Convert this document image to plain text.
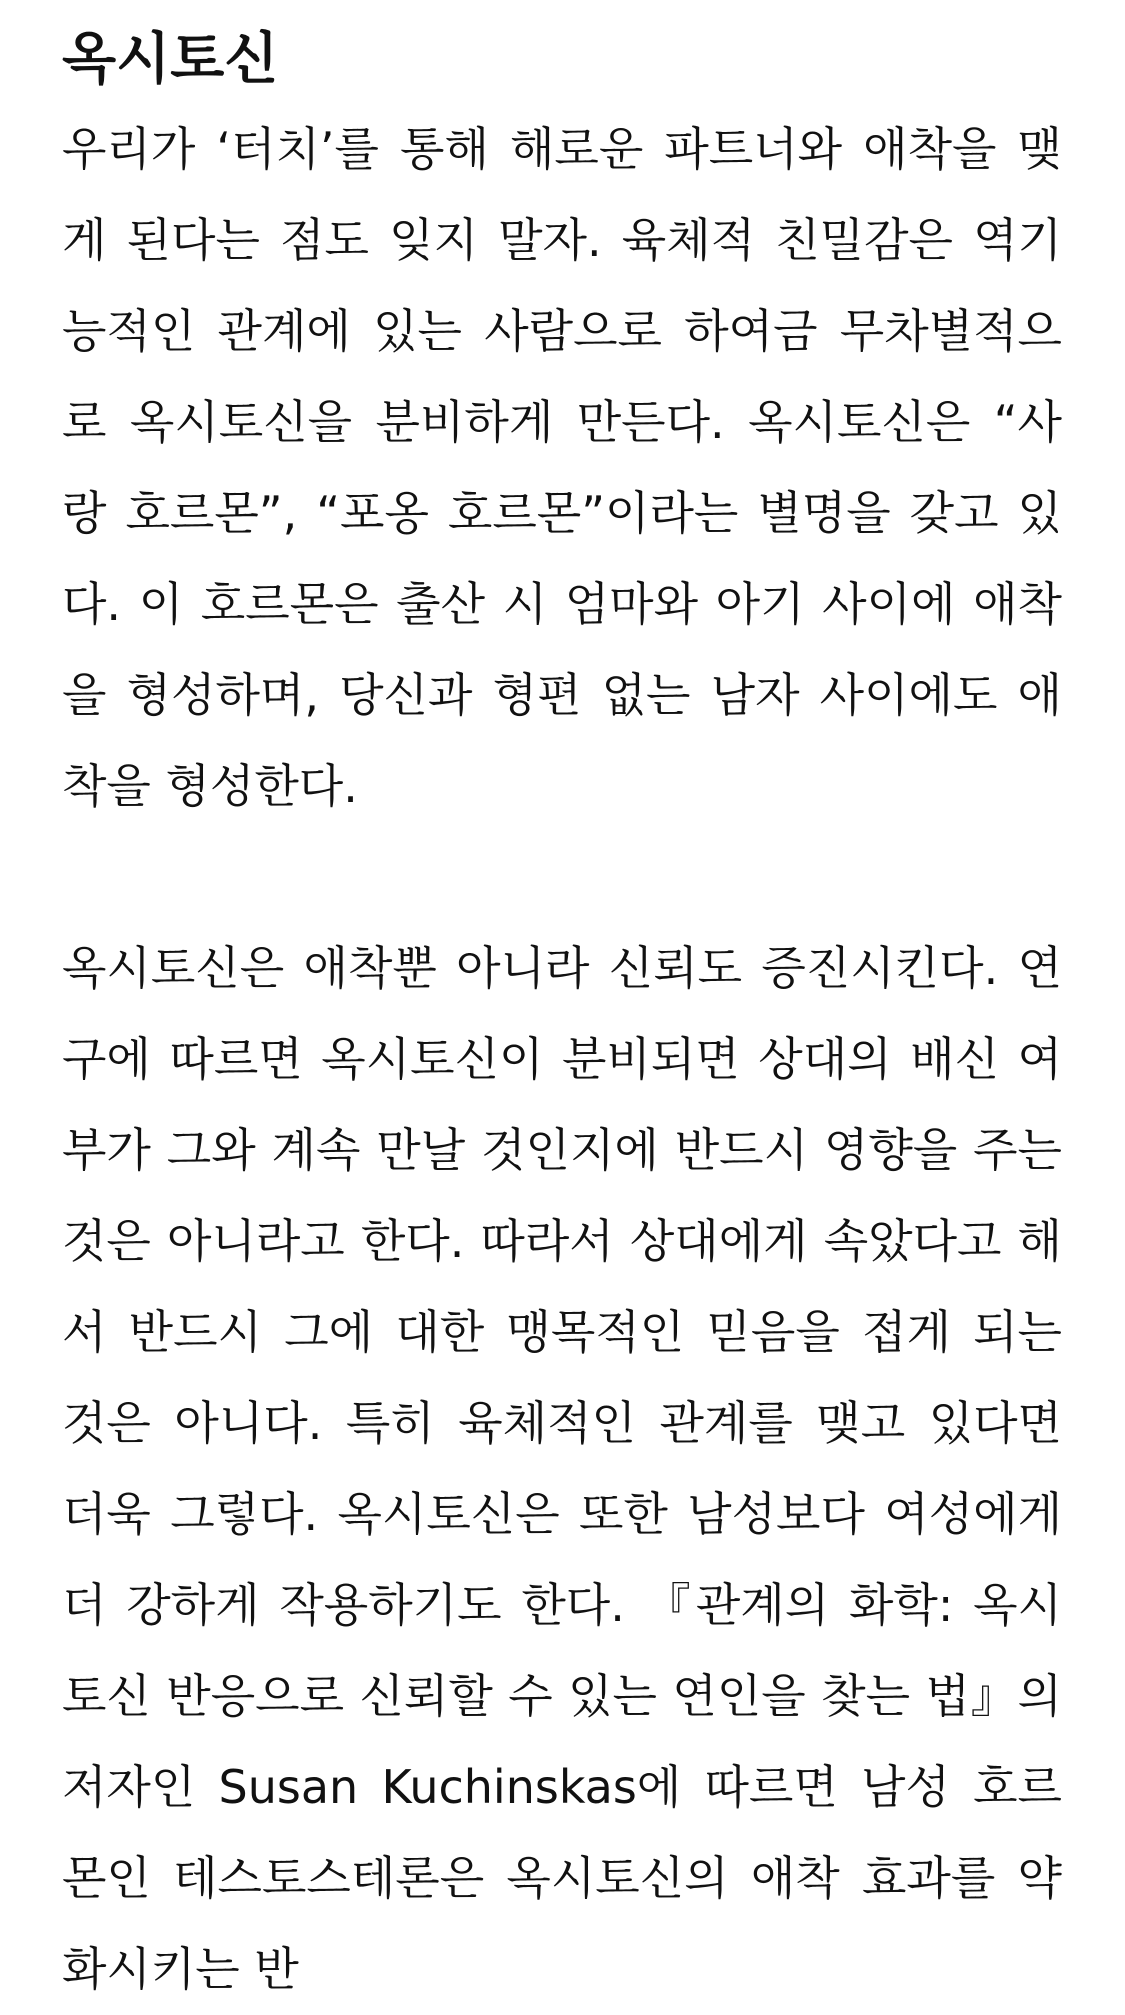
옥시토신

우리가 ‘터치’를 통해 해로운 파트너와 애착을 맺게 된다는 점도 잊지 말자. 육체적 친밀감은 역기능적인 관계에 있는 사람으로 하여금 무차별적으로 옥시토신을 분비하게 만든다. 옥시토신은 “사랑 호르몬”, “포옹 호르몬”이라는 별명을 갖고 있다. 이 호르몬은 출산 시 엄마와 아기 사이에 애착을 형성하며, 당신과 형편 없는 남자 사이에도 애착을 형성한다.

옥시토신은 애착뿐 아니라 신뢰도 증진시킨다. 연구에 따르면 옥시토신이 분비되면 상대의 배신 여부가 그와 계속 만날 것인지에 반드시 영향을 주는 것은 아니라고 한다. 따라서 상대에게 속았다고 해서 반드시 그에 대한 맹목적인 믿음을 접게 되는 것은 아니다. 특히 육체적인 관계를 맺고 있다면 더욱 그렇다. 옥시토신은 또한 남성보다 여성에게 더 강하게 작용하기도 한다. 『관계의 화학: 옥시토신 반응으로 신뢰할 수 있는 연인을 찾는 법』의 저자인 Susan Kuchinskas에 따르면 남성 호르몬인 테스토스테론은 옥시토신의 애착 효과를 약화시키는 반
